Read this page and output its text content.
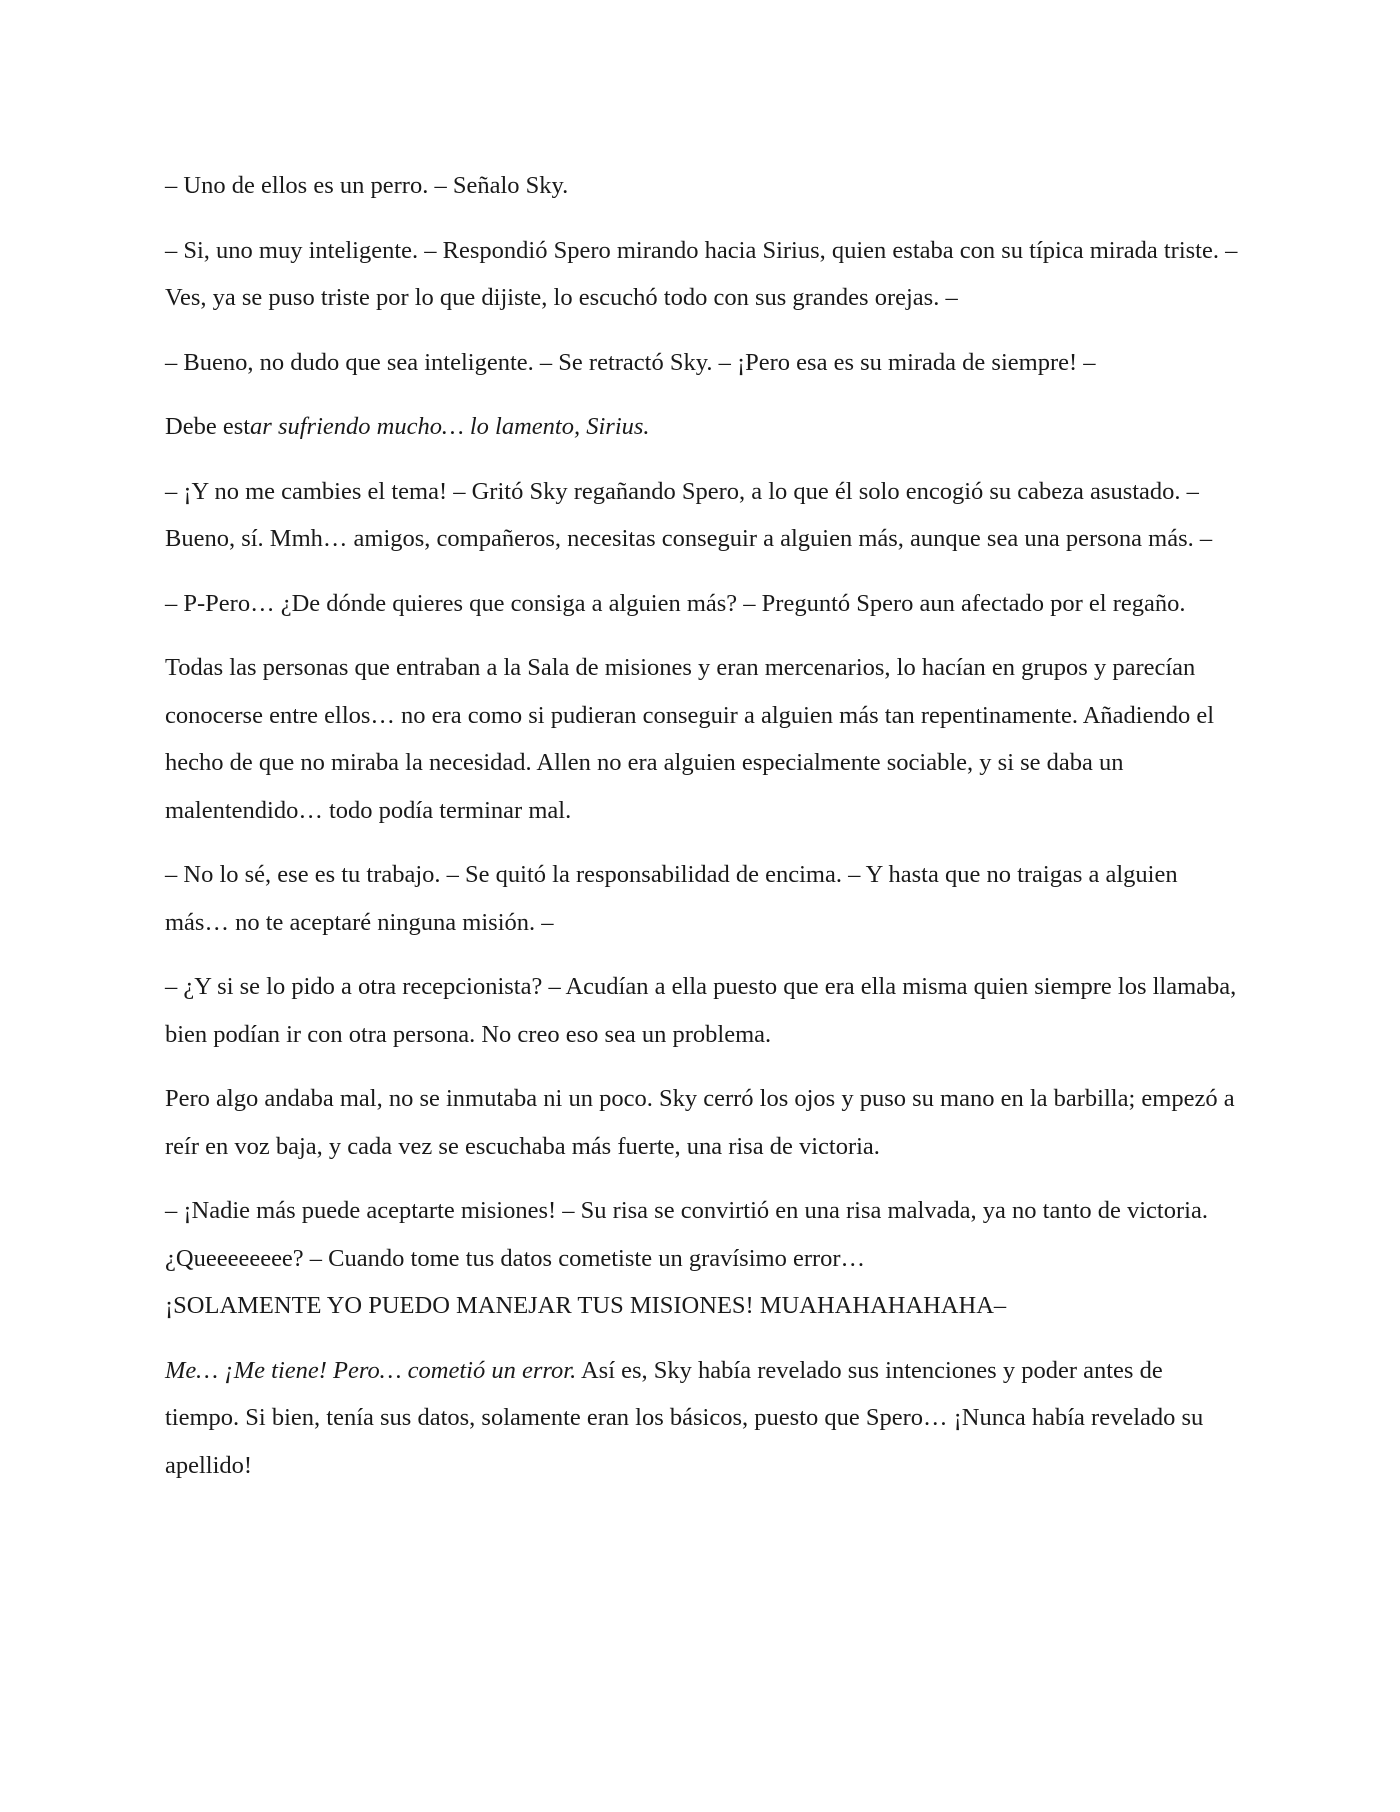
– Uno de ellos es un perro. – Señalo Sky.

– Si, uno muy inteligente. – Respondió Spero mirando hacia Sirius, quien estaba con su típica mirada triste. – Ves, ya se puso triste por lo que dijiste, lo escuchó todo con sus grandes orejas. –

– Bueno, no dudo que sea inteligente. – Se retractó Sky. – ¡Pero esa es su mirada de siempre! –

Debe estar sufriendo mucho… lo lamento, Sirius.

– ¡Y no me cambies el tema! – Gritó Sky regañando Spero, a lo que él solo encogió su cabeza asustado. – Bueno, sí. Mmh… amigos, compañeros, necesitas conseguir a alguien más, aunque sea una persona más. –

– P-Pero… ¿De dónde quieres que consiga a alguien más? – Preguntó Spero aun afectado por el regaño.

Todas las personas que entraban a la Sala de misiones y eran mercenarios, lo hacían en grupos y parecían conocerse entre ellos… no era como si pudieran conseguir a alguien más tan repentinamente. Añadiendo el hecho de que no miraba la necesidad. Allen no era alguien especialmente sociable, y si se daba un malentendido… todo podía terminar mal.

– No lo sé, ese es tu trabajo. – Se quitó la responsabilidad de encima. – Y hasta que no traigas a alguien más… no te aceptaré ninguna misión. –

– ¿Y si se lo pido a otra recepcionista? – Acudían a ella puesto que era ella misma quien siempre los llamaba, bien podían ir con otra persona. No creo eso sea un problema.

Pero algo andaba mal, no se inmutaba ni un poco. Sky cerró los ojos y puso su mano en la barbilla; empezó a reír en voz baja, y cada vez se escuchaba más fuerte, una risa de victoria.

– ¡Nadie más puede aceptarte misiones! – Su risa se convirtió en una risa malvada, ya no tanto de victoria. ¿Queeeeeeee? – Cuando tome tus datos cometiste un gravísimo error…

¡SOLAMENTE YO PUEDO MANEJAR TUS MISIONES! MUAHAHAHAHAHA–

Me… ¡Me tiene! Pero… cometió un error. Así es, Sky había revelado sus intenciones y poder antes de tiempo. Si bien, tenía sus datos, solamente eran los básicos, puesto que Spero… ¡Nunca había revelado su apellido!
